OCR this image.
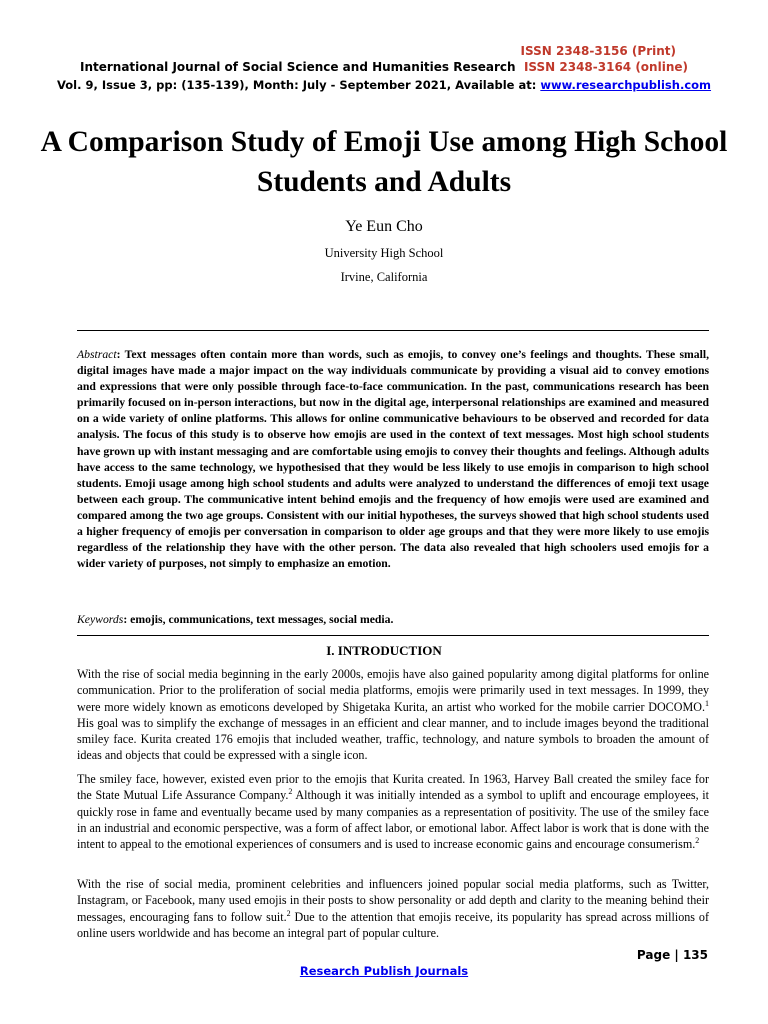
ISSN 2348-3156 (Print)
International Journal of Social Science and Humanities Research ISSN 2348-3164 (online)
Vol. 9, Issue 3, pp: (135-139), Month: July - September 2021, Available at: www.researchpublish.com
A Comparison Study of Emoji Use among High School Students and Adults
Ye Eun Cho
University High School
Irvine, California

Abstract: Text messages often contain more than words, such as emojis, to convey one’s feelings and thoughts. These small, digital images have made a major impact on the way individuals communicate by providing a visual aid to convey emotions and expressions that were only possible through face-to-face communication. In the past, communications research has been primarily focused on in-person interactions, but now in the digital age, interpersonal relationships are examined and measured on a wide variety of online platforms. This allows for online communicative behaviours to be observed and recorded for data analysis. The focus of this study is to observe how emojis are used in the context of text messages. Most high school students have grown up with instant messaging and are comfortable using emojis to convey their thoughts and feelings. Although adults have access to the same technology, we hypothesised that they would be less likely to use emojis in comparison to high school students. Emoji usage among high school students and adults were analyzed to understand the differences of emoji text usage between each group. The communicative intent behind emojis and the frequency of how emojis were used are examined and compared among the two age groups. Consistent with our initial hypotheses, the surveys showed that high school students used a higher frequency of emojis per conversation in comparison to older age groups and that they were more likely to use emojis regardless of the relationship they have with the other person. The data also revealed that high schoolers used emojis for a wider variety of purposes, not simply to emphasize an emotion.

Keywords: emojis, communications, text messages, social media.

I. INTRODUCTION

With the rise of social media beginning in the early 2000s, emojis have also gained popularity among digital platforms for online communication. Prior to the proliferation of social media platforms, emojis were primarily used in text messages. In 1999, they were more widely known as emoticons developed by Shigetaka Kurita, an artist who worked for the mobile carrier DOCOMO.$^1$ His goal was to simplify the exchange of messages in an efficient and clear manner, and to include images beyond the traditional smiley face. Kurita created 176 emojis that included weather, traffic, technology, and nature symbols to broaden the amount of ideas and objects that could be expressed with a single icon.

The smiley face, however, existed even prior to the emojis that Kurita created. In 1963, Harvey Ball created the smiley face for the State Mutual Life Assurance Company.$^2$ Although it was initially intended as a symbol to uplift and encourage employees, it quickly rose in fame and eventually became used by many companies as a representation of positivity. The use of the smiley face in an industrial and economic perspective, was a form of affect labor, or emotional labor. Affect labor is work that is done with the intent to appeal to the emotional experiences of consumers and is used to increase economic gains and encourage consumerism.$^2$

With the rise of social media, prominent celebrities and influencers joined popular social media platforms, such as Twitter, Instagram, or Facebook, many used emojis in their posts to show personality or add depth and clarity to the meaning behind their messages, encouraging fans to follow suit.$^2$ Due to the attention that emojis receive, its popularity has spread across millions of online users worldwide and has become an integral part of popular culture.

Page | 135
Research Publish Journals
